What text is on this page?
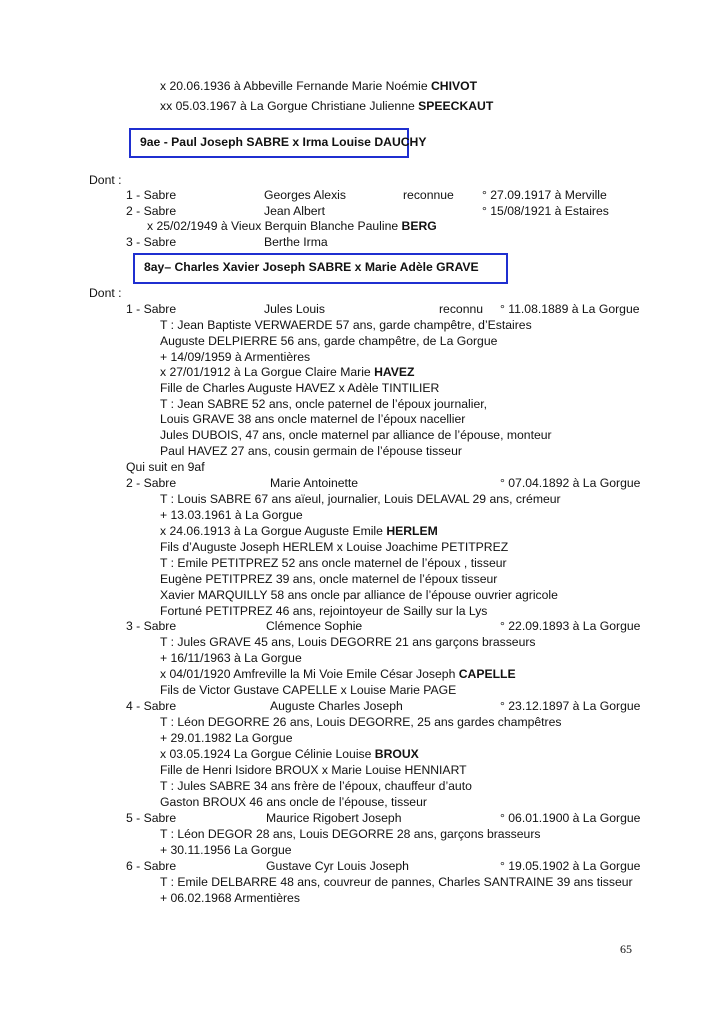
x 20.06.1936 à Abbeville Fernande Marie Noémie CHIVOT
xx 05.03.1967 à La Gorgue Christiane Julienne SPEECKAUT
9ae - Paul Joseph SABRE x Irma Louise DAUCHY
Dont :
1 - Sabre	Georges Alexis	reconnue ° 27.09.1917 à Merville
2 - Sabre	Jean Albert	° 15/08/1921 à Estaires
x 25/02/1949 à Vieux Berquin Blanche Pauline BERG
3 - Sabre	Berthe Irma
8ay– Charles Xavier Joseph SABRE x Marie Adèle GRAVE
Dont :
1 - Sabre	Jules Louis	reconnu ° 11.08.1889 à La Gorgue
T : Jean Baptiste VERWAERDE 57 ans, garde champêtre, d’Estaires
Auguste DELPIERRE 56 ans, garde champêtre, de La Gorgue
+ 14/09/1959 à Armentières
x 27/01/1912 à La Gorgue Claire Marie HAVEZ
Fille de Charles Auguste HAVEZ x Adèle TINTILIER
T : Jean SABRE 52 ans, oncle paternel de l’époux journalier,
Louis GRAVE 38 ans oncle maternel de l’époux nacellier
Jules DUBOIS, 47 ans, oncle maternel par alliance de l’épouse, monteur
Paul HAVEZ 27 ans, cousin germain de l’épouse tisseur
Qui suit en 9af
2 - Sabre	Marie Antoinette	° 07.04.1892 à La Gorgue
T : Louis SABRE 67 ans aïeul, journalier, Louis DELAVAL 29 ans, crémeur
+ 13.03.1961 à La Gorgue
x 24.06.1913 à La Gorgue Auguste Emile HERLEM
Fils d’Auguste Joseph HERLEM x Louise Joachime PETITPREZ
T : Emile PETITPREZ 52 ans oncle maternel de l’époux , tisseur
Eugène PETITPREZ 39 ans, oncle maternel de l’époux tisseur
Xavier MARQUILLY 58 ans oncle par alliance de l’épouse ouvrier agricole
Fortuné PETITPREZ 46 ans, rejointoyeur de Sailly sur la Lys
3 - Sabre	Clémence Sophie	° 22.09.1893 à La Gorgue
T : Jules GRAVE 45 ans, Louis DEGORRE 21 ans garçons brasseurs
+ 16/11/1963 à La Gorgue
x 04/01/1920 Amfreville la Mi Voie Emile César Joseph CAPELLE
Fils de Victor Gustave CAPELLE x Louise Marie PAGE
4 - Sabre	Auguste Charles Joseph	° 23.12.1897 à La Gorgue
T : Léon DEGORRE 26 ans, Louis DEGORRE, 25 ans gardes champêtres
+ 29.01.1982 La Gorgue
x 03.05.1924 La Gorgue Célinie Louise BROUX
Fille de Henri Isidore BROUX x Marie Louise HENNIART
T : Jules SABRE 34 ans frère de l’époux, chauffeur d’auto
Gaston BROUX 46 ans oncle de l’épouse, tisseur
5 - Sabre	Maurice Rigobert Joseph	° 06.01.1900 à La Gorgue
T : Léon DEGOR 28 ans, Louis DEGORRE 28 ans, garçons brasseurs
+ 30.11.1956 La Gorgue
6 - Sabre	Gustave Cyr Louis Joseph	° 19.05.1902 à La Gorgue
T : Emile DELBARRE 48 ans, couvreur de pannes, Charles SANTRAINE 39 ans tisseur
+ 06.02.1968 Armentières
65
